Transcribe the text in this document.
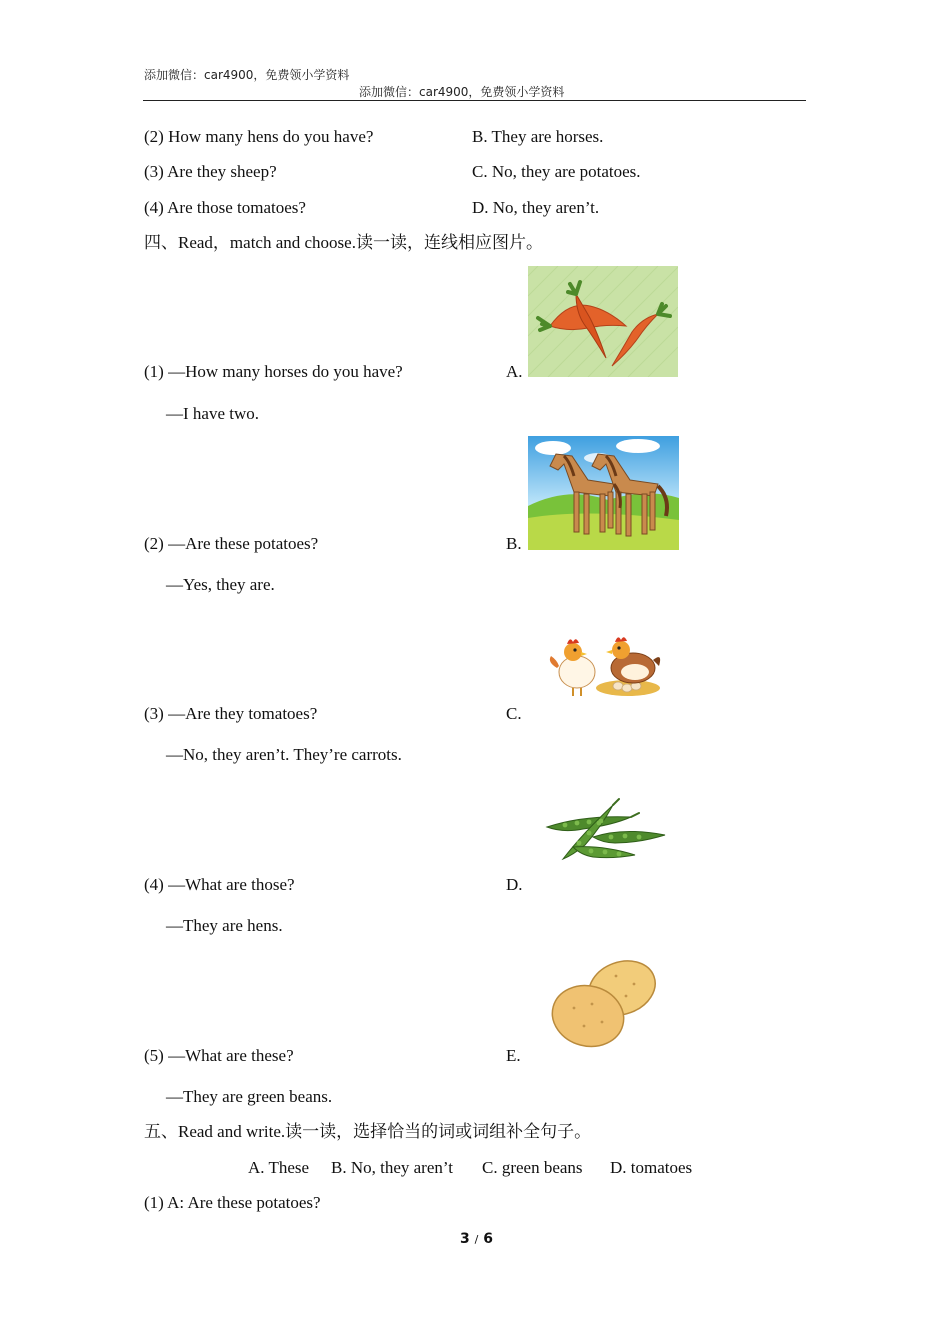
添加微信：car4900，免费领小学资料
添加微信：car4900，免费领小学资料
(2) How many hens do you have?	B. They are horses.
(3) Are they sheep?	C. No, they are potatoes.
(4) Are those tomatoes?	D. No, they aren’t.
四、Read，match and choose.读一读，连线相应图片。
(1) —How many horses do you have?
—I have two.
A.
(2) —Are these potatoes?
—Yes, they are.
B.
(3) —Are they tomatoes?
—No, they aren’t. They’re carrots.
C.
(4) —What are those?
—They are hens.
D.
(5) —What are these?
—They are green beans.
E.
五、Read and write.读一读，选择恰当的词或词组补全句子。
A. These B. No, they aren’t C. green beans D. tomatoes
(1) A: Are these potatoes?
3 / 6
